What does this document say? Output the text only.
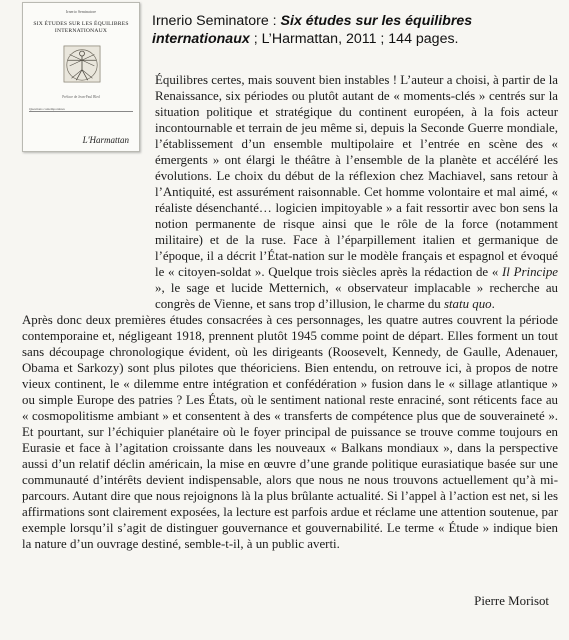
Irnerio Seminatore
SIX ÉTUDES SUR LES ÉQUILIBRES INTERNATIONAUX
Préface de Jean-Paul Bled
Questions contemporaines
L'Harmattan
Irnerio Seminatore : Six études sur les équilibres internationaux ; L’Harmattan, 2011 ; 144 pages.

Équilibres certes, mais souvent bien instables ! L’auteur a choisi, à partir de la Renaissance, six périodes ou plutôt autant de « moments-clés » centrés sur la situation politique et stratégique du continent européen, à la fois acteur incontournable et terrain de jeu même si, depuis la Seconde Guerre mondiale, l’établissement d’un ensemble multipolaire et l’entrée en scène des « émergents » ont élargi le théâtre à l’ensemble de la planète et accéléré les évolutions. Le choix du début de la réflexion chez Machiavel, sans retour à l’Antiquité, est assurément raisonnable. Cet homme volontaire et mal aimé, « réaliste désenchanté… logicien impitoyable » a fait ressortir avec bon sens la notion permanente de risque ainsi que le rôle de la force (notamment militaire) et de la ruse. Face à l’éparpillement italien et germanique de l’époque, il a décrit l’État-nation sur le modèle français et espagnol et évoqué le « citoyen-soldat ». Quelque trois siècles après la rédaction de « Il Principe », le sage et lucide Metternich, « observateur implacable » recherche au congrès de Vienne, et sans trop d’illusion, le charme du statu quo.

Après donc deux premières études consacrées à ces personnages, les quatre autres couvrent la période contemporaine et, négligeant 1918, prennent plutôt 1945 comme point de départ. Elles forment un tout sans découpage chronologique évident, où les dirigeants (Roosevelt, Kennedy, de Gaulle, Adenauer, Obama et Sarkozy) sont plus pilotes que théoriciens. Bien entendu, on retrouve ici, à propos de notre vieux continent, le « dilemme entre intégration et confédération » fusion dans le « sillage atlantique » ou simple Europe des patries ? Les États, où le sentiment national reste enraciné, sont réticents face au « cosmopolitisme ambiant » et consentent à des « transferts de compétence plus que de souveraineté ». Et pourtant, sur l’échiquier planétaire où le foyer principal de puissance se trouve comme toujours en Eurasie et face à l’agitation croissante dans les nouveaux « Balkans mondiaux », dans la perspective aussi d’un relatif déclin américain, la mise en œuvre d’une grande politique eurasiatique basée sur une communauté d’intérêts devient indispensable, alors que nous ne nous trouvons actuellement qu’à mi-parcours. Autant dire que nous rejoignons là la plus brûlante actualité. Si l’appel à l’action est net, si les affirmations sont clairement exposées, la lecture est parfois ardue et réclame une attention soutenue, par exemple lorsqu’il s’agit de distinguer gouvernance et gouvernabilité. Le terme « Étude » indique bien la nature d’un ouvrage destiné, semble-t-il, à un public averti.

Pierre Morisot
